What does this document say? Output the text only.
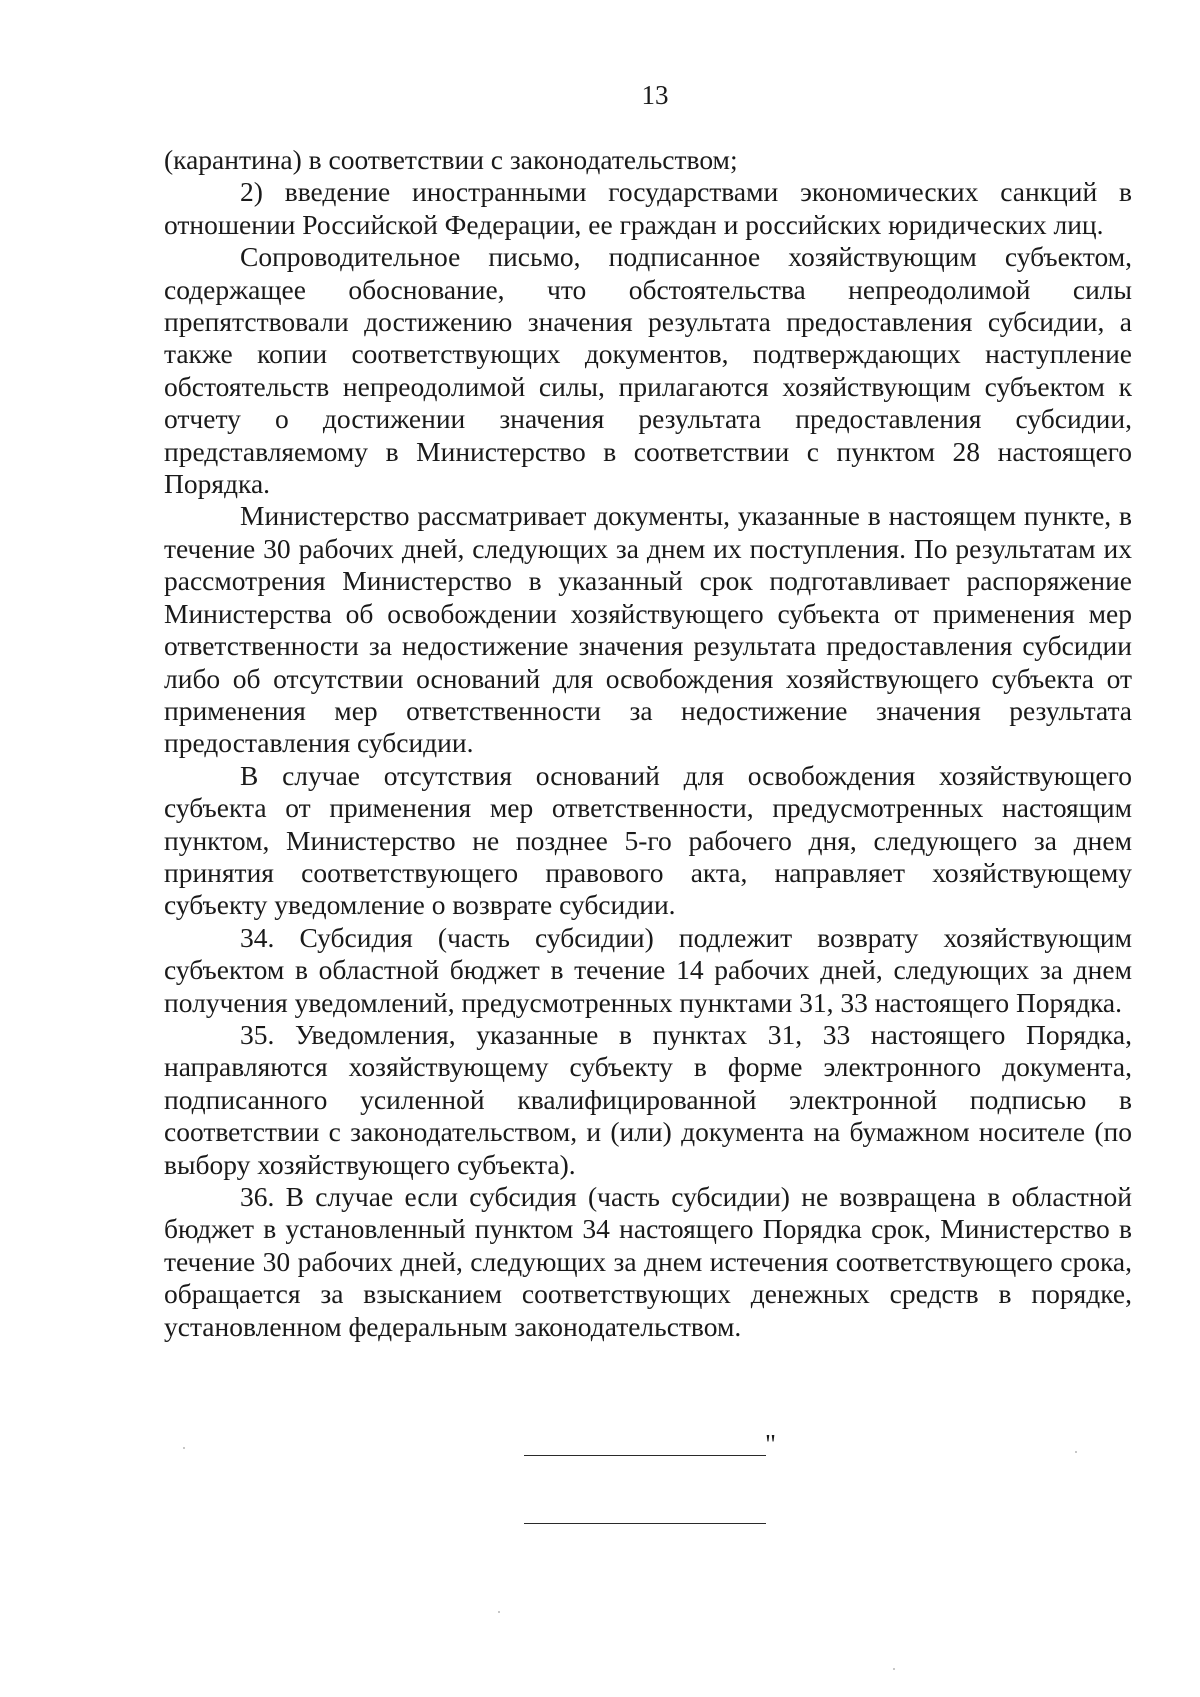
13

(карантина) в соответствии с законодательством;

2) введение иностранными государствами экономических санкций в отношении Российской Федерации, ее граждан и российских юридических лиц.

Сопроводительное письмо, подписанное хозяйствующим субъектом, содержащее обоснование, что обстоятельства непреодолимой силы препятствовали достижению значения результата предоставления субсидии, а также копии соответствующих документов, подтверждающих наступление обстоятельств непреодолимой силы, прилагаются хозяйствующим субъектом к отчету о достижении значения результата предоставления субсидии, представляемому в Министерство в соответствии с пунктом 28 настоящего Порядка.

Министерство рассматривает документы, указанные в настоящем пункте, в течение 30 рабочих дней, следующих за днем их поступления. По результатам их рассмотрения Министерство в указанный срок подготавливает распоряжение Министерства об освобождении хозяйствующего субъекта от применения мер ответственности за недостижение значения результата предоставления субсидии либо об отсутствии оснований для освобождения хозяйствующего субъекта от применения мер ответственности за недостижение значения результата предоставления субсидии.

В случае отсутствия оснований для освобождения хозяйствующего субъекта от применения мер ответственности, предусмотренных настоящим пунктом, Министерство не позднее 5-го рабочего дня, следующего за днем принятия соответствующего правового акта, направляет хозяйствующему субъекту уведомление о возврате субсидии.

34. Субсидия (часть субсидии) подлежит возврату хозяйствующим субъектом в областной бюджет в течение 14 рабочих дней, следующих за днем получения уведомлений, предусмотренных пунктами 31, 33 настоящего Порядка.

35. Уведомления, указанные в пунктах 31, 33 настоящего Порядка, направляются хозяйствующему субъекту в форме электронного документа, подписанного усиленной квалифицированной электронной подписью в соответствии с законодательством, и (или) документа на бумажном носителе (по выбору хозяйствующего субъекта).

36. В случае если субсидия (часть субсидии) не возвращена в областной бюджет в установленный пунктом 34 настоящего Порядка срок, Министерство в течение 30 рабочих дней, следующих за днем истечения соответствующего срока, обращается за взысканием соответствующих денежных средств в порядке, установленном федеральным законодательством.

"
